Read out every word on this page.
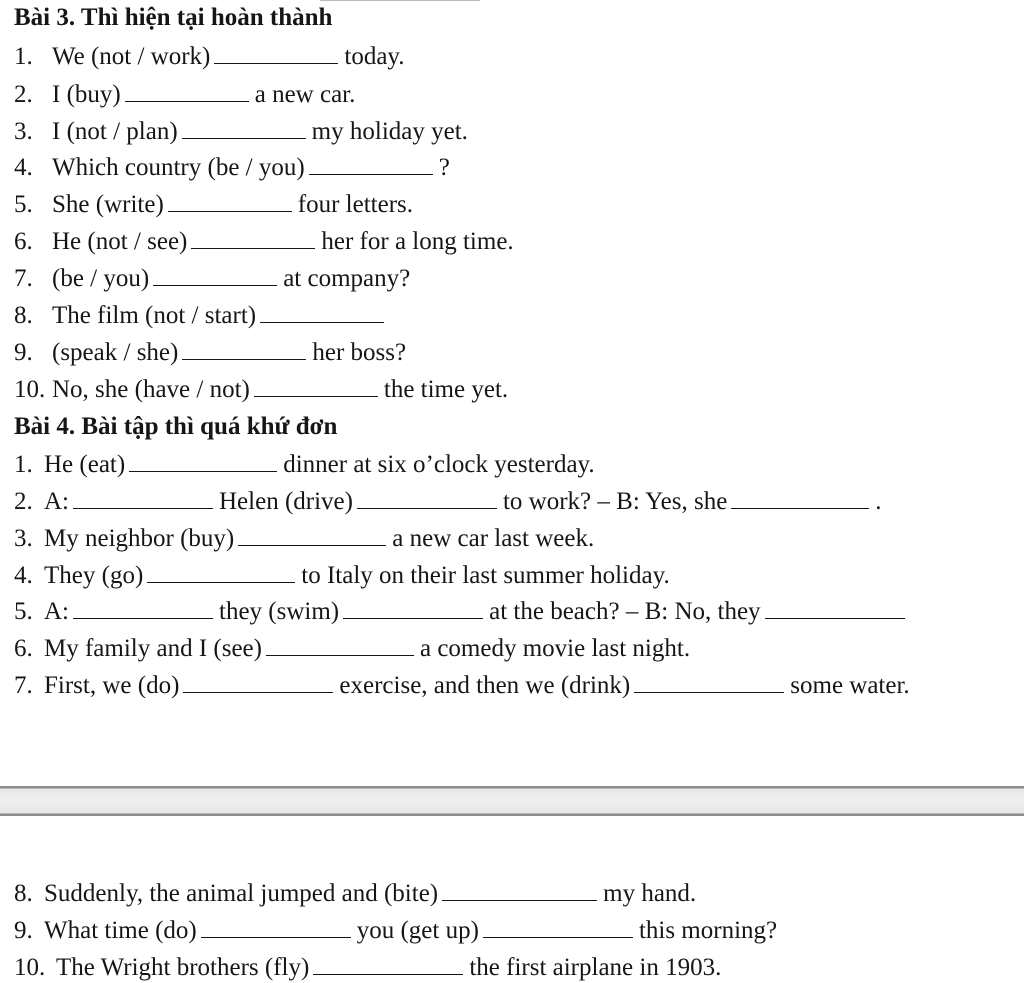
Bài 3. Thì hiện tại hoàn thành
1. We (not / work)	today.
2. I (buy)	a new car.
3. I (not / plan)	my holiday yet.
4. Which country (be / you)	?
5. She (write)	four letters.
6. He (not / see)	her for a long time.
7. (be / you)	at company?
8. The film (not / start)
9. (speak / she)	her boss?
10. No, she (have / not)	the time yet.
Bài 4. Bài tập thì quá khứ đơn
1. He (eat)	dinner at six o’clock yesterday.
2. A:	Helen (drive)	to work? – B: Yes, she	.
3. My neighbor (buy)	a new car last week.
4. They (go)	to Italy on their last summer holiday.
5. A:	they (swim)	at the beach? – B: No, they
6. My family and I (see)	a comedy movie last night.
7. First, we (do)	exercise, and then we (drink)	some water.
8. Suddenly, the animal jumped and (bite)	my hand.
9. What time (do)	you (get up)	this morning?
10. The Wright brothers (fly)	the first airplane in 1903.
